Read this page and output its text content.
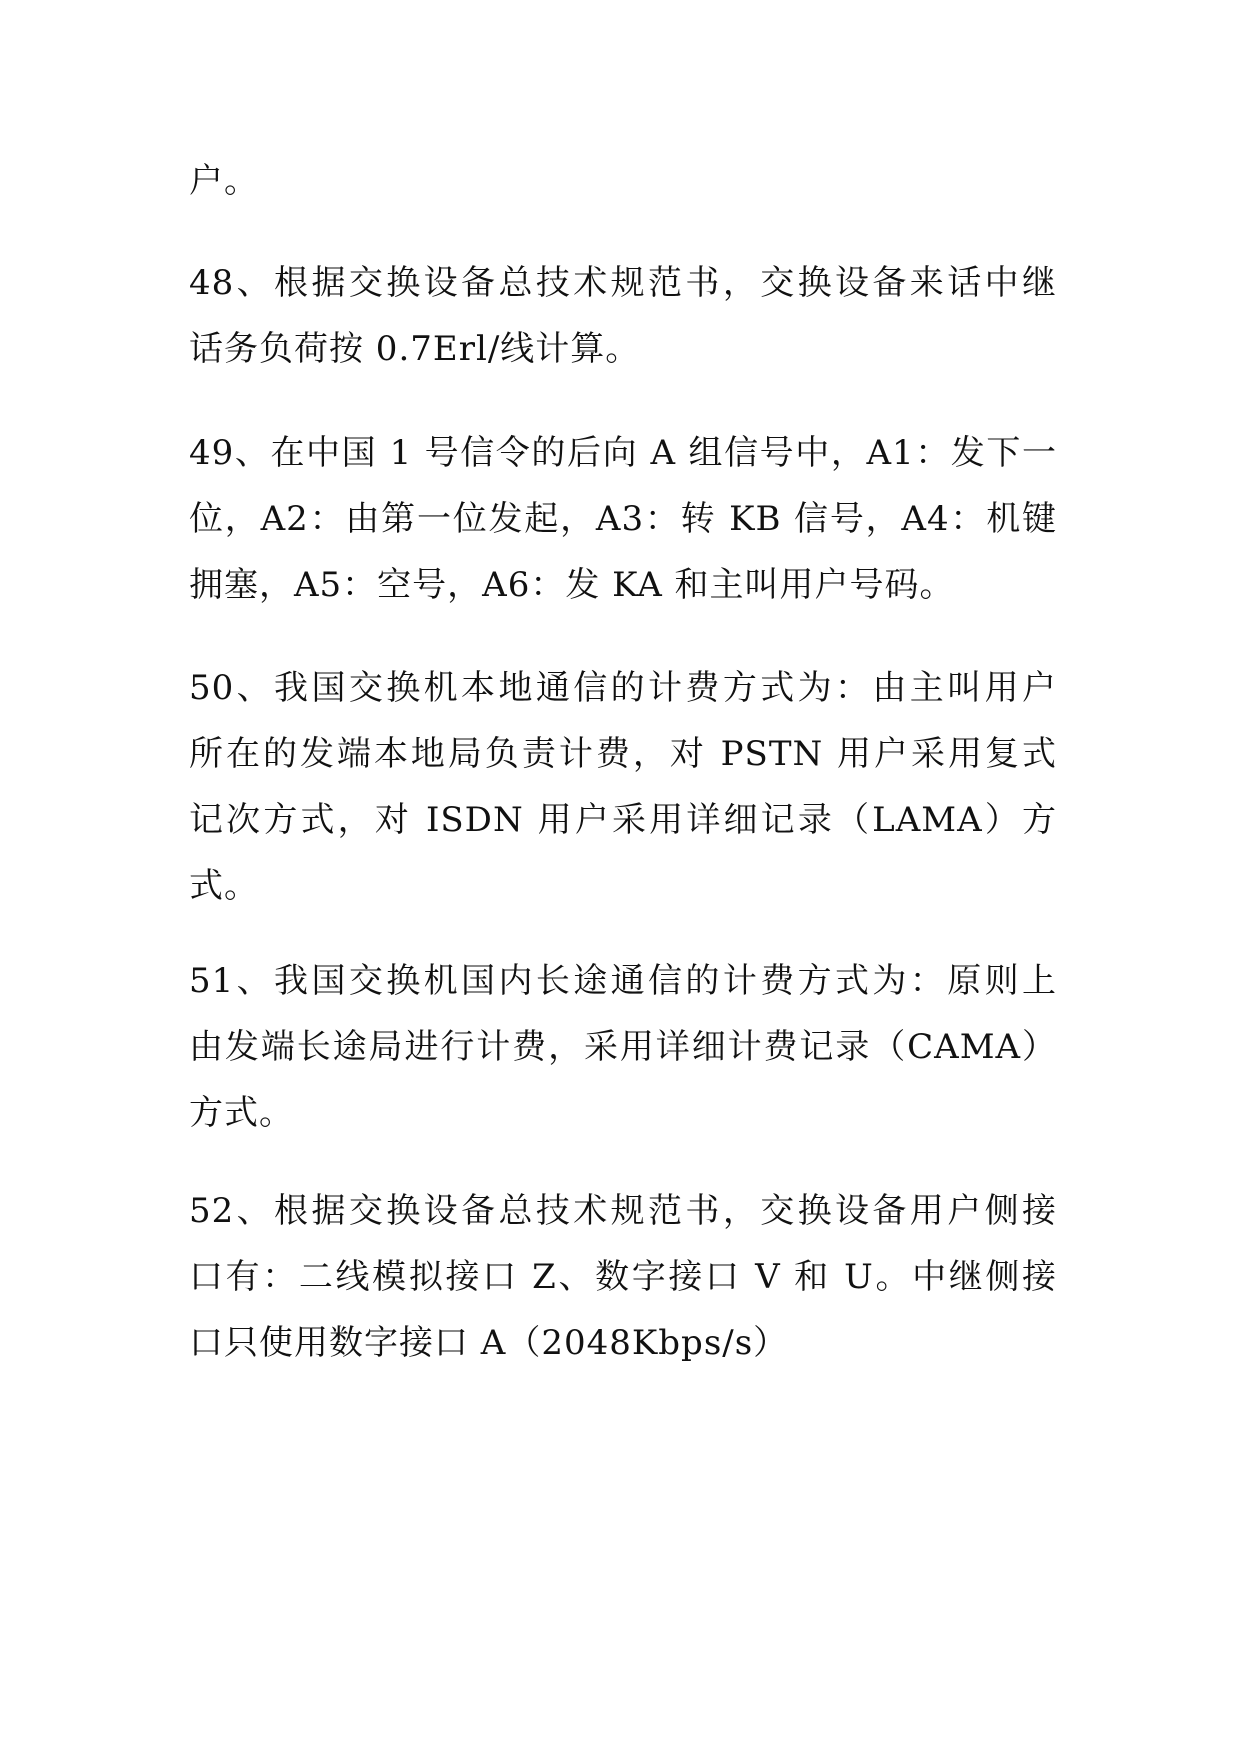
户。

48、根据交换设备总技术规范书，交换设备来话中继
话务负荷按 0.7Erl/线计算。

49、在中国 1 号信令的后向 A 组信号中，A1：发下一
位，A2：由第一位发起，A3：转 KB 信号，A4：机键
拥塞，A5：空号，A6：发 KA 和主叫用户号码。

50、我国交换机本地通信的计费方式为：由主叫用户
所在的发端本地局负责计费，对 PSTN 用户采用复式
记次方式，对 ISDN 用户采用详细记录（LAMA）方
式。

51、我国交换机国内长途通信的计费方式为：原则上
由发端长途局进行计费，采用详细计费记录（CAMA）
方式。

52、根据交换设备总技术规范书，交换设备用户侧接
口有：二线模拟接口 Z、数字接口 V 和 U。中继侧接
口只使用数字接口 A（2048Kbps/s）
